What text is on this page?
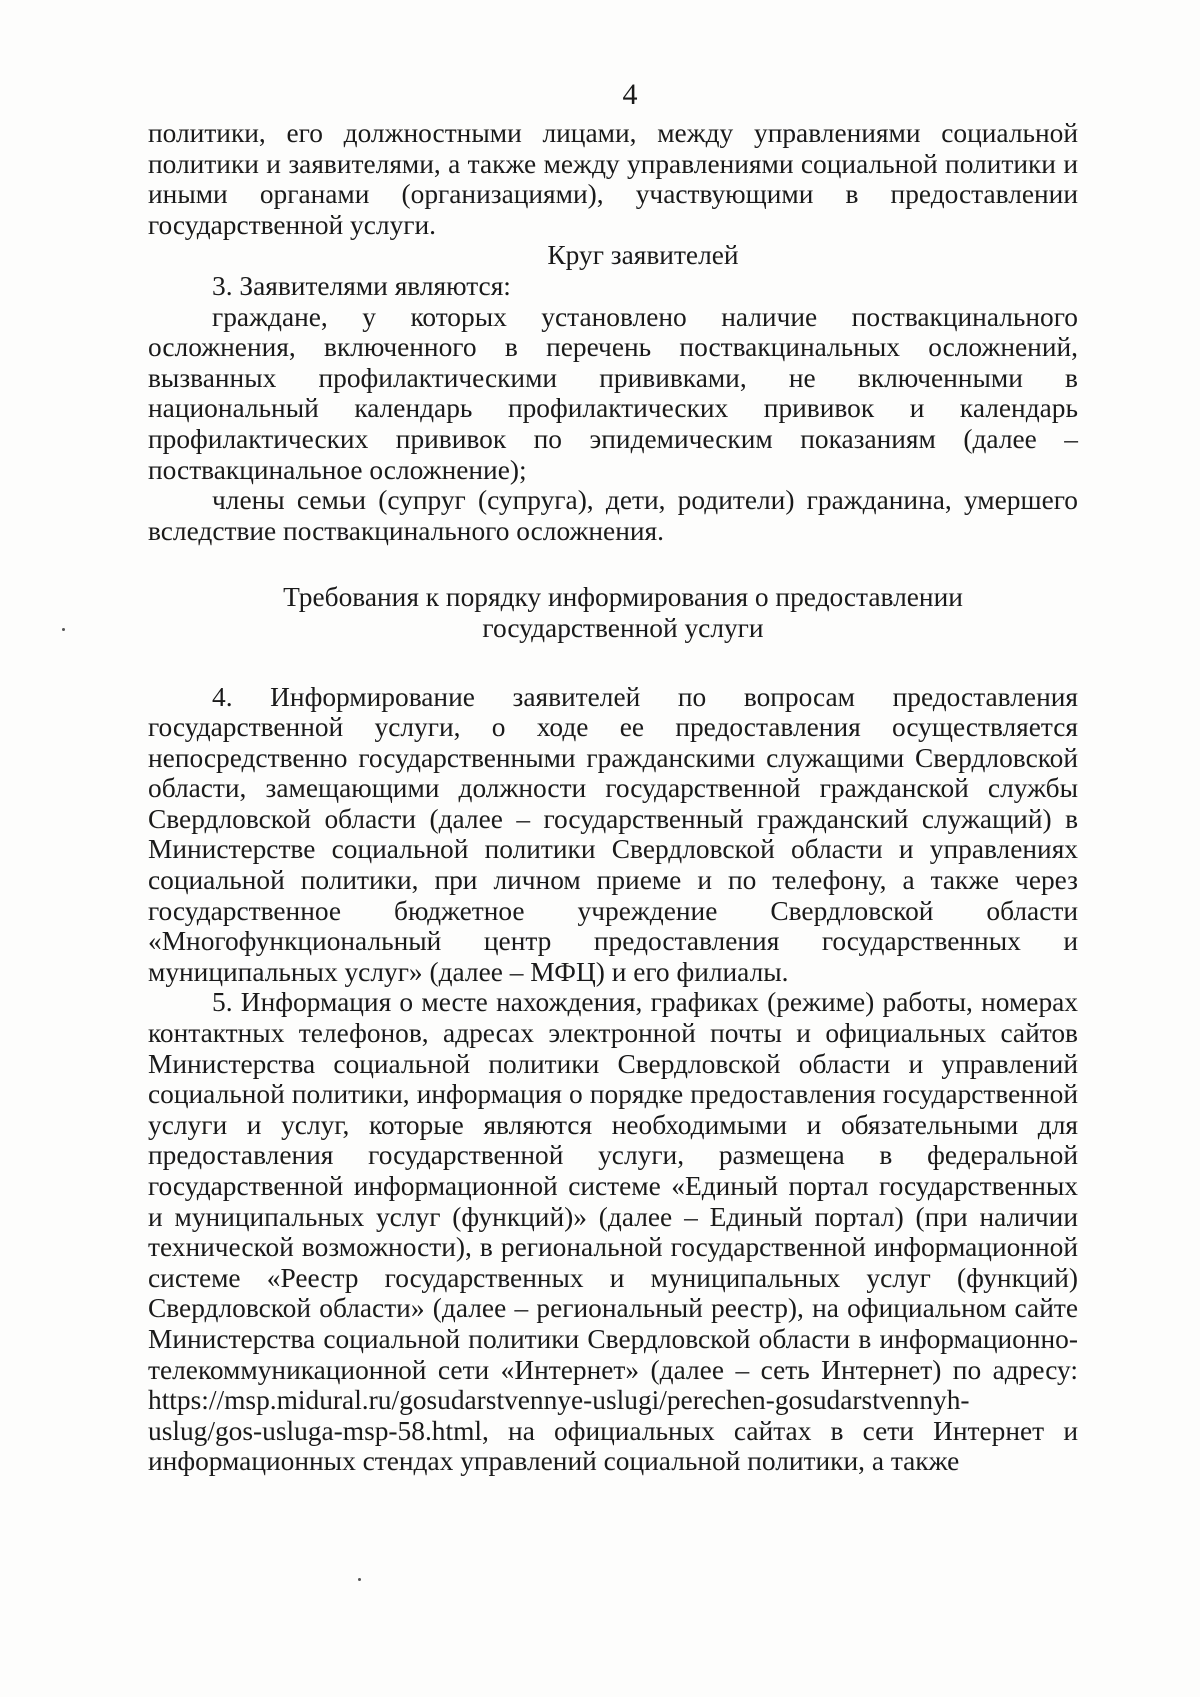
4

политики, его должностными лицами, между управлениями социальной политики и заявителями, а также между управлениями социальной политики и иными органами (организациями), участвующими в предоставлении государственной услуги.

Круг заявителей

3. Заявителями являются:

граждане, у которых установлено наличие поствакцинального осложнения, включенного в перечень поствакцинальных осложнений, вызванных профилактическими прививками, не включенными в национальный календарь профилактических прививок и календарь профилактических прививок по эпидемическим показаниям (далее – поствакцинальное осложнение);

члены семьи (супруг (супруга), дети, родители) гражданина, умершего вследствие поствакцинального осложнения.

Требования к порядку информирования о предоставлении
государственной услуги

4. Информирование заявителей по вопросам предоставления государственной услуги, о ходе ее предоставления осуществляется непосредственно государственными гражданскими служащими Свердловской области, замещающими должности государственной гражданской службы Свердловской области (далее – государственный гражданский служащий) в Министерстве социальной политики Свердловской области и управлениях социальной политики, при личном приеме и по телефону, а также через государственное бюджетное учреждение Свердловской области «Многофункциональный центр предоставления государственных и муниципальных услуг» (далее – МФЦ) и его филиалы.

5. Информация о месте нахождения, графиках (режиме) работы, номерах контактных телефонов, адресах электронной почты и официальных сайтов Министерства социальной политики Свердловской области и управлений социальной политики, информация о порядке предоставления государственной услуги и услуг, которые являются необходимыми и обязательными для предоставления государственной услуги, размещена в федеральной государственной информационной системе «Единый портал государственных и муниципальных услуг (функций)» (далее – Единый портал) (при наличии технической возможности), в региональной государственной информационной системе «Реестр государственных и муниципальных услуг (функций) Свердловской области» (далее – региональный реестр), на официальном сайте Министерства социальной политики Свердловской области в информационно-телекоммуникационной сети «Интернет» (далее – сеть Интернет) по адресу: https://msp.midural.ru/gosudarstvennye-uslugi/perechen-gosudarstvennyh-uslug/gos-usluga-msp-58.html, на официальных сайтах в сети Интернет и информационных стендах управлений социальной политики, а также
